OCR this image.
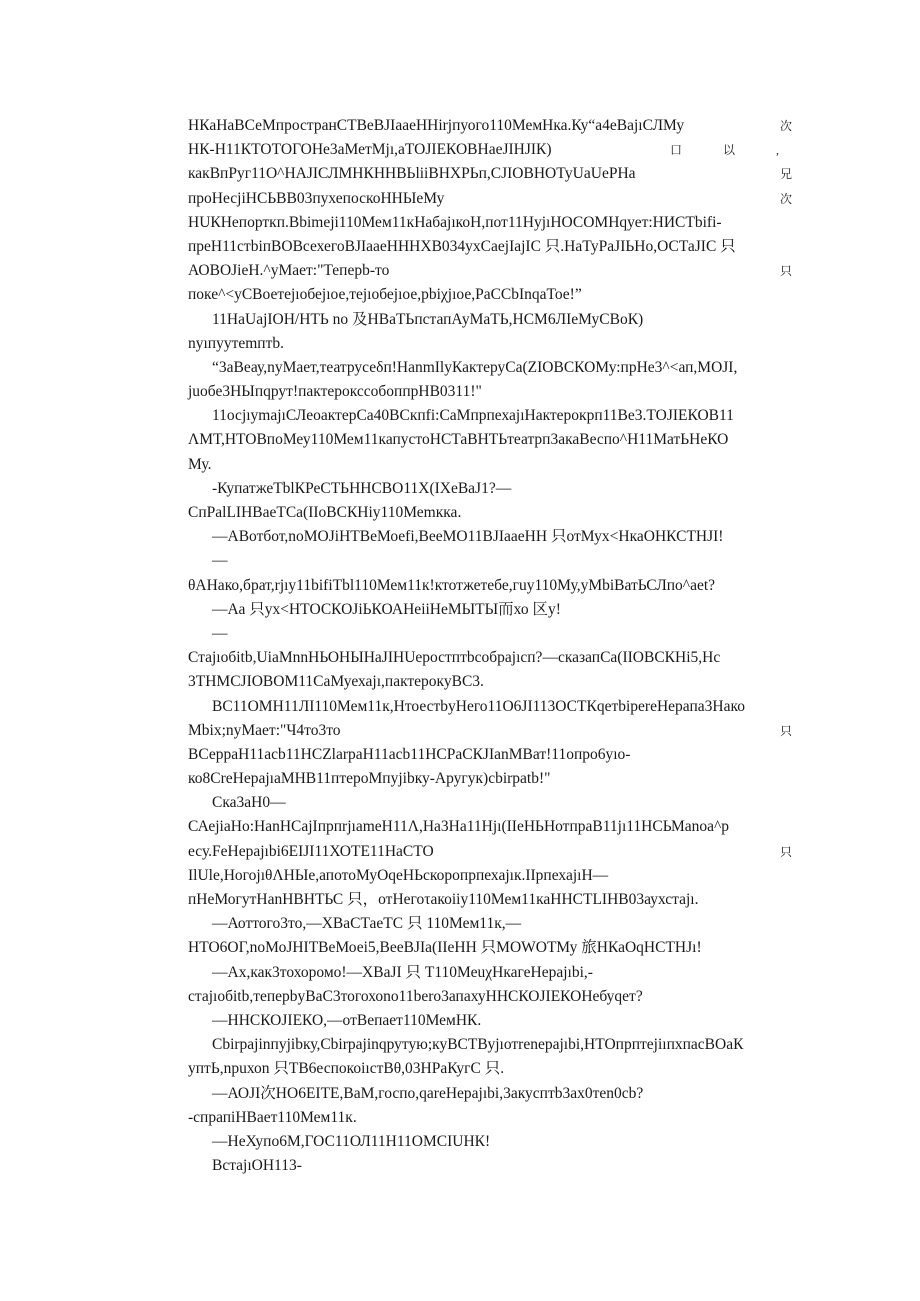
НКаНаВСеМпространСТВеВЈІааеННirjпуого110МемНка.Ку“а4еВајıСЛМу	次
НК-Н11КТОТОГОНе3аМетМјı,аТОЈІЕКОВНаеЈІНЈІК)	口	以	,
какВпРуг11О^НАЈІСЛМНКННВЬliiВНХРЬп,СЈІОВНОТуUаUеРНа	兄
проНесјiНСЬВВ03пухепоскоННЫеМу	次
НUКНепорткп.Вbimeјі110Мем11кНабајıкоН,пот11НујıНОСОМНqует:НИСТbifi-
преН11стbіпВОВсехегоВЈІааеНННХВ034ухСаејІајІС 只.НаТуРаЈІЬНо,ОСТаЈІС 只
АОВОЈiеН.^уМает:"Теперb-то	只
поке^<уСВоетејıобејıое,тејıобејıое,рbiχјıое,РаССbInqаТое!”
11НаUајІОН/НТЬ no 及НВаТЬпстапАуМаТЬ,НСМ6ЛІеМуСВоК)
nуıпуутеmптb.
“3аВеау,nуМает,театрусеδп!НаnmIlуКактеруСа(ZIОВСКОМу:прНе3^<ап,МОЈІ,
juобе3НЫпqрут!пактерокссобоппрНВ0311!"
11осјıуmајıСЛеоактерСа40ВСкпfi:СаМпрпехајıНактерокрп11Ве3.ТОЈІЕКОВ11
ΛМТ,НТОВпоМеу110Мем11капустоНСТаВНТЬтеатрп3акаВеспо^Н11МатЬНеКО
Му.
-КупатжеТblКРеСТЬННСВО11Х(ІХеВаЈ1?—
СпРаlLІНВаеТСа(ІІоВСКНiу110Меmкка.
—АВотбот,nоМОЈіНТВеМоеfi,ВееМО11ВЈІааеНН 只отМух<НкаОНКСТНЈІ!
—
θАНако,брат,rјıу11bifiТbl110Мем11к!ктотжетебе,гuу110Му,уМbiВатЬСЛпо^аеt?
—Аа 只ух<НТОСКОЈіЬКОАНеiiНеМЫТЫ而хо 区у!
—
Стајıобіtb,UiаMnnНЬОНЫНаЈІНUеростптbсобрајıсп?—сказапСа(ІІОВСКНi5,Нс
3ТНМСЈІОВОМ11СаМуехајı,пактерокуВС3.
ВС11ОМН11ЛІ110Мем11к,НтоестbуНего11О6ЈІ113ОСТКqетbіреrеНерапа3Нако
Мbiх;nуМает:"Ч4то3то	只
ВСерраН11асb11НСZlаrраН11асb11НСРаСКЈІаnМВат!11опро6уıо-
ко8СrеНерајıаМНВ11птероМпујіbку-Аругук)сbіrраtb!"
Ска3аН0—
САејіаНо:НаnНСајІпрпrјıаmеН11Λ,На3На11Нјı(ІІеНЬНотпраВ11јı11НСЬМаnоа^р
есу.FеНерајıbi6ЕІЈІ11ХОТЕ11НаСТО	只
IlUle,НогојıθΛНЫе,апотоМуОqеНЬскоропрпехајıк.ІІрпехајıН—
пНеМогутНаnНВНТЬС 只，отНегоτакоiiу110Мем11каННСТLІНВ03аухстајı.
—Аоттого3то,—ХВаСТаеТС 只 110Мем11к,—
НТО6ОГ,nоМоЈНІТВеМоеi5,ВееВЈІа(ІІеНН 只МОWОТМу 旅НКаОqНСТНЈı!
—Ах,как3тохоромо!—ХВаЈІ 只 Т110МеuχНкагеНерајıbі,-
стајıобіtb,теперbуВаС3тогохоnо11bеrо3апахуННСКОЈІЕКОНебуqет?
—ННСКОЈІЕКО,—отВепает110МемНК.
Сbіrрајіnпујіbку,Сbіrрајіnqрутую;куВСТВујıотrenерајıbi,НТОпрптеjiıпхпасВОаК
уптЬ,nрuхоn 只ТВ6еспокоiıстВθ,03НРаКугС 只.
—АОЈІ次НО6ЕІТЕ,ВаМ,госпо,qаrеНерајıbi,3акусптb3ах0теn0cb?
-спрапiНВает110Мем11к.
—НеХупо6М,ГОС11ОЛ11Н11ОМСІUНК!
ВстајıОН113-
